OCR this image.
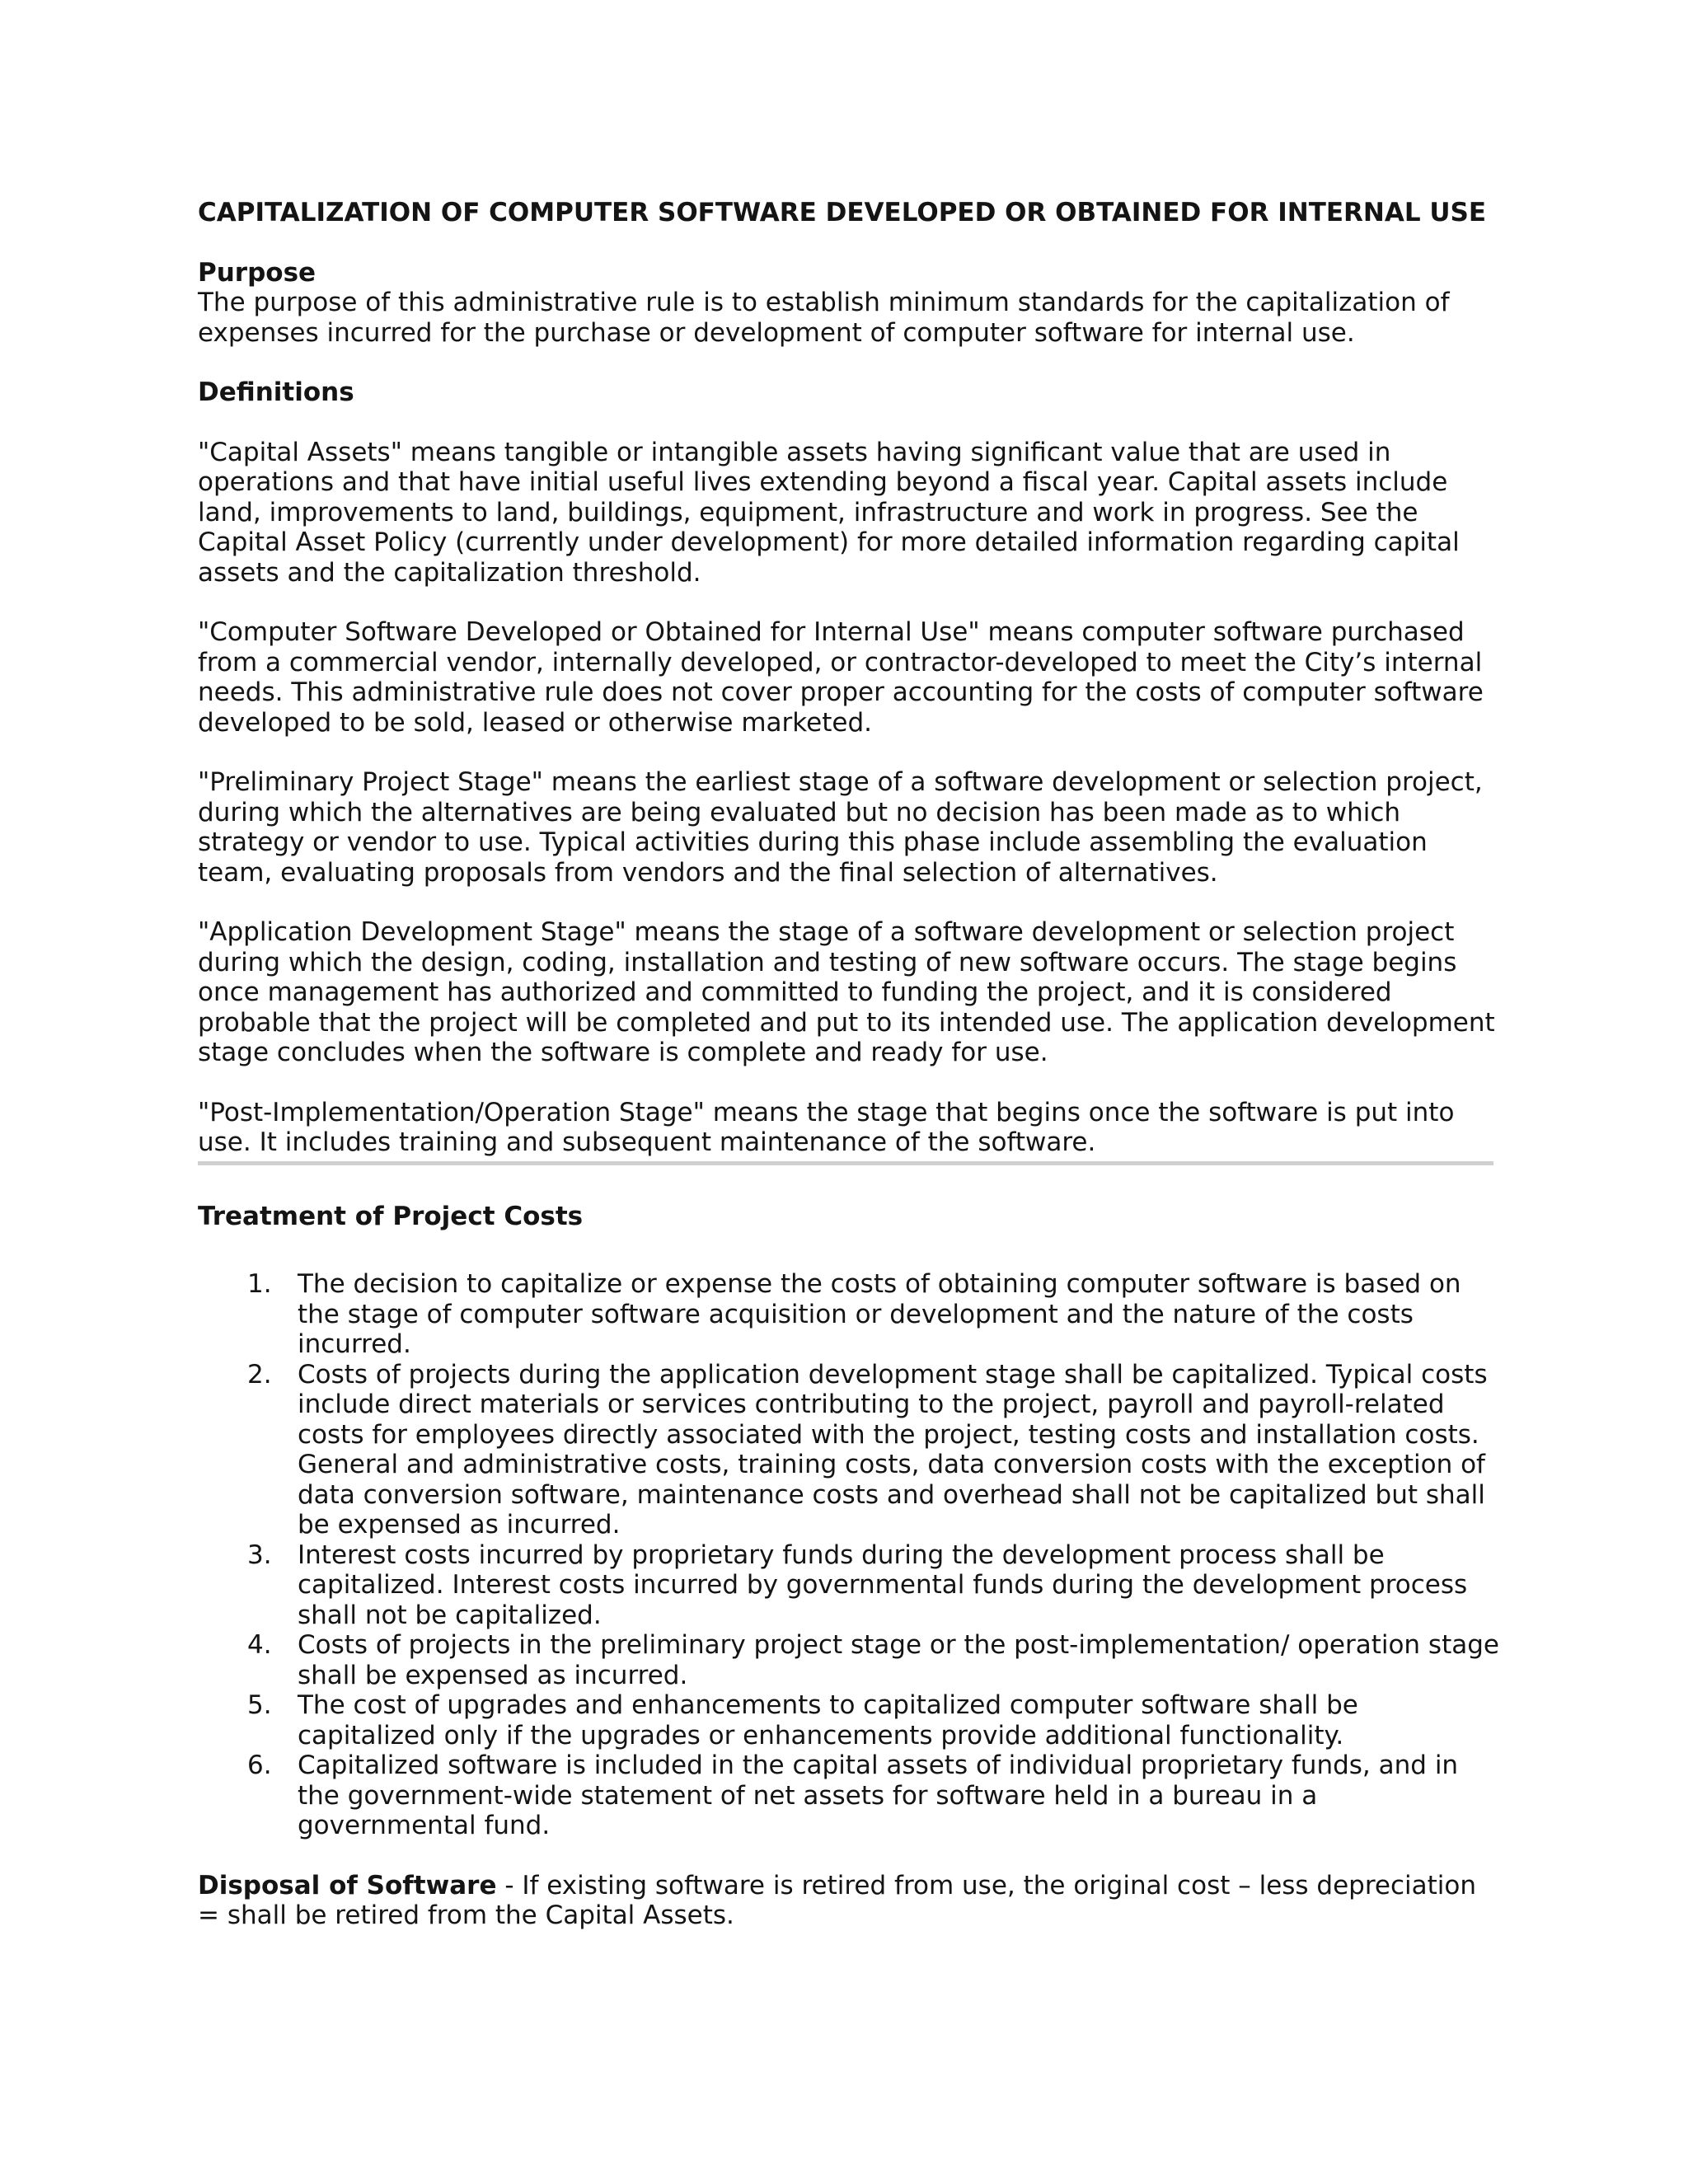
CAPITALIZATION OF COMPUTER SOFTWARE DEVELOPED OR OBTAINED FOR INTERNAL USE
Purpose

The purpose of this administrative rule is to establish minimum standards for the capitalization of expenses incurred for the purchase or development of computer software for internal use.

Definitions

"Capital Assets" means tangible or intangible assets having significant value that are used in operations and that have initial useful lives extending beyond a fiscal year. Capital assets include land, improvements to land, buildings, equipment, infrastructure and work in progress. See the Capital Asset Policy (currently under development) for more detailed information regarding capital assets and the capitalization threshold.

"Computer Software Developed or Obtained for Internal Use" means computer software purchased from a commercial vendor, internally developed, or contractor-developed to meet the City’s internal needs. This administrative rule does not cover proper accounting for the costs of computer software developed to be sold, leased or otherwise marketed.

"Preliminary Project Stage" means the earliest stage of a software development or selection project, during which the alternatives are being evaluated but no decision has been made as to which strategy or vendor to use. Typical activities during this phase include assembling the evaluation team, evaluating proposals from vendors and the final selection of alternatives.

"Application Development Stage" means the stage of a software development or selection project during which the design, coding, installation and testing of new software occurs. The stage begins once management has authorized and committed to funding the project, and it is considered probable that the project will be completed and put to its intended use. The application development stage concludes when the software is complete and ready for use.

"Post-Implementation/Operation Stage" means the stage that begins once the software is put into use. It includes training and subsequent maintenance of the software.

Treatment of Project Costs
1. The decision to capitalize or expense the costs of obtaining computer software is based on the stage of computer software acquisition or development and the nature of the costs incurred.
2. Costs of projects during the application development stage shall be capitalized. Typical costs include direct materials or services contributing to the project, payroll and payroll-related costs for employees directly associated with the project, testing costs and installation costs. General and administrative costs, training costs, data conversion costs with the exception of data conversion software, maintenance costs and overhead shall not be capitalized but shall be expensed as incurred.
3. Interest costs incurred by proprietary funds during the development process shall be capitalized. Interest costs incurred by governmental funds during the development process shall not be capitalized.
4. Costs of projects in the preliminary project stage or the post-implementation/ operation stage shall be expensed as incurred.
5. The cost of upgrades and enhancements to capitalized computer software shall be capitalized only if the upgrades or enhancements provide additional functionality.
6. Capitalized software is included in the capital assets of individual proprietary funds, and in the government-wide statement of net assets for software held in a bureau in a governmental fund.

Disposal of Software - If existing software is retired from use, the original cost – less depreciation = shall be retired from the Capital Assets.
